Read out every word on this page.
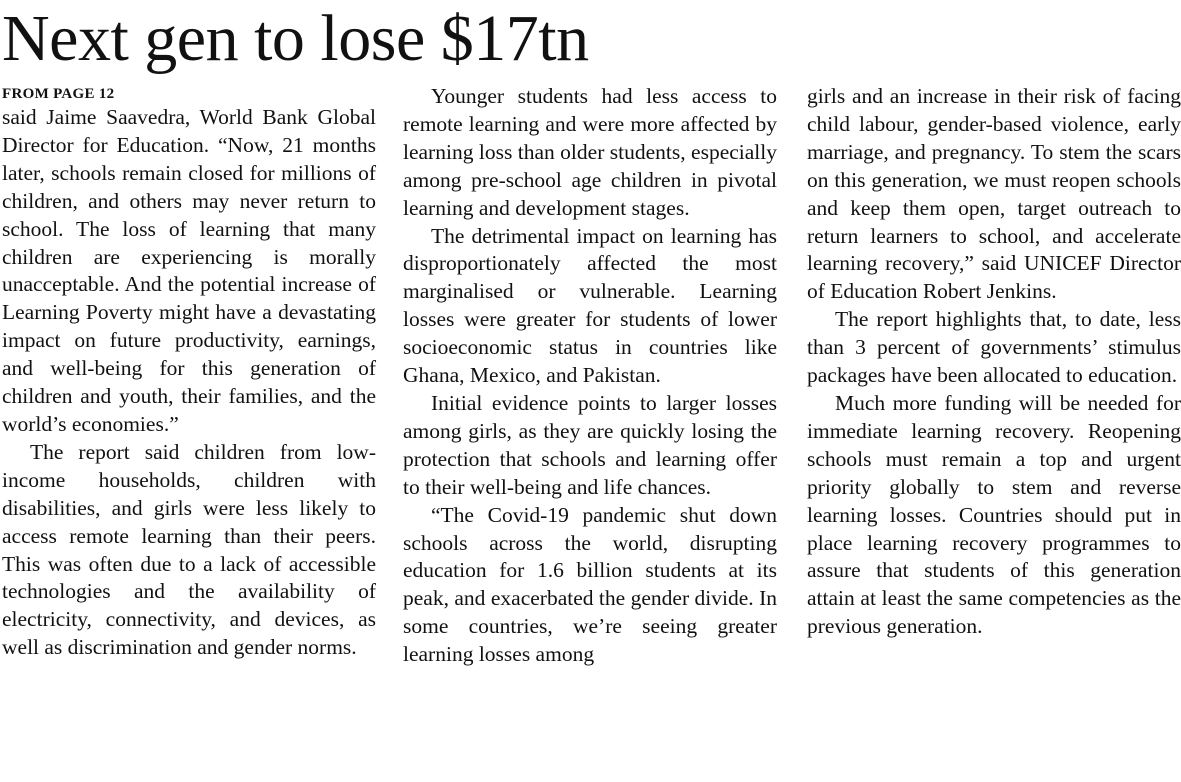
Next gen to lose $17tn
FROM PAGE 12

said Jaime Saavedra, World Bank Global Director for Education. “Now, 21 months later, schools remain closed for millions of children, and others may never return to school. The loss of learning that many children are experiencing is morally unacceptable. And the potential increase of Learning Poverty might have a devastating impact on future productivity, earnings, and well-being for this generation of children and youth, their families, and the world’s economies.”

The report said children from low-income households, children with disabilities, and girls were less likely to access remote learning than their peers. This was often due to a lack of accessible technologies and the availability of electricity, connectivity, and devices, as well as discrimination and gender norms.

Younger students had less access to remote learning and were more affected by learning loss than older students, especially among pre-school age children in pivotal learning and development stages.

The detrimental impact on learning has disproportionately affected the most marginalised or vulnerable. Learning losses were greater for students of lower socioeconomic status in countries like Ghana, Mexico, and Pakistan.

Initial evidence points to larger losses among girls, as they are quickly losing the protection that schools and learning offer to their well-being and life chances.

“The Covid-19 pandemic shut down schools across the world, disrupting education for 1.6 billion students at its peak, and exacerbated the gender divide. In some countries, we’re seeing greater learning losses among

girls and an increase in their risk of facing child labour, gender-based violence, early marriage, and pregnancy. To stem the scars on this generation, we must reopen schools and keep them open, target outreach to return learners to school, and accelerate learning recovery,” said UNICEF Director of Education Robert Jenkins.

The report highlights that, to date, less than 3 percent of governments’ stimulus packages have been allocated to education.

Much more funding will be needed for immediate learning recovery. Reopening schools must remain a top and urgent priority globally to stem and reverse learning losses. Countries should put in place learning recovery programmes to assure that students of this generation attain at least the same competencies as the previous generation.
